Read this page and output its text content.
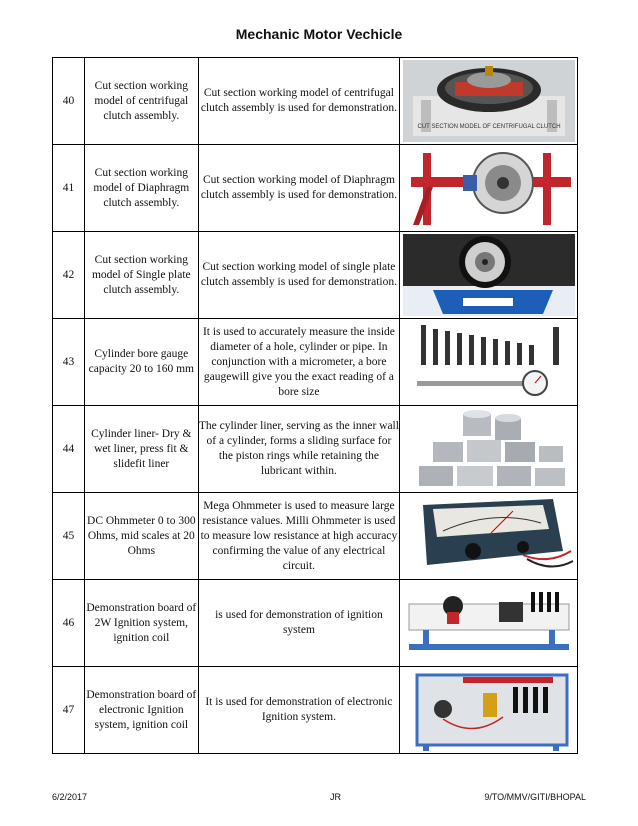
Mechanic Motor Vechicle
40	Cut section working model of centrifugal clutch assembly.	Cut section working model of centrifugal clutch assembly is used for demonstration.	CUT SECTION MODEL OF CENTRIFUGAL CLUTCH

41	Cut section working model of Diaphragm clutch assembly.	Cut section working model of Diaphragm clutch assembly is used for demonstration.	

42	Cut section working model of Single plate clutch assembly.	Cut section working model of single plate clutch assembly is used for demonstration.	

43	Cylinder bore gauge capacity 20 to 160 mm	It is used to accurately measure the inside diameter of a hole, cylinder or pipe. In conjunction with a micrometer, a bore gaugewill give you the exact reading of a bore size	

44	Cylinder liner- Dry & wet liner, press fit & slidefit liner	The cylinder liner, serving as the inner wall of a cylinder, forms a sliding surface for the piston rings while retaining the lubricant within.	

45	DC Ohmmeter 0 to 300 Ohms, mid scales at 20 Ohms	Mega Ohmmeter is used to measure large resistance values. Milli Ohmmeter is used to measure low resistance at high accuracy confirming the value of any electrical circuit.	

46	Demonstration board of 2W Ignition system, ignition coil	is used for demonstration of ignition system	

47	Demonstration board of electronic Ignition system, ignition coil	It is used for demonstration of electronic Ignition system.	
6/2/2017	JR	9/TO/MMV/GITI/BHOPAL
